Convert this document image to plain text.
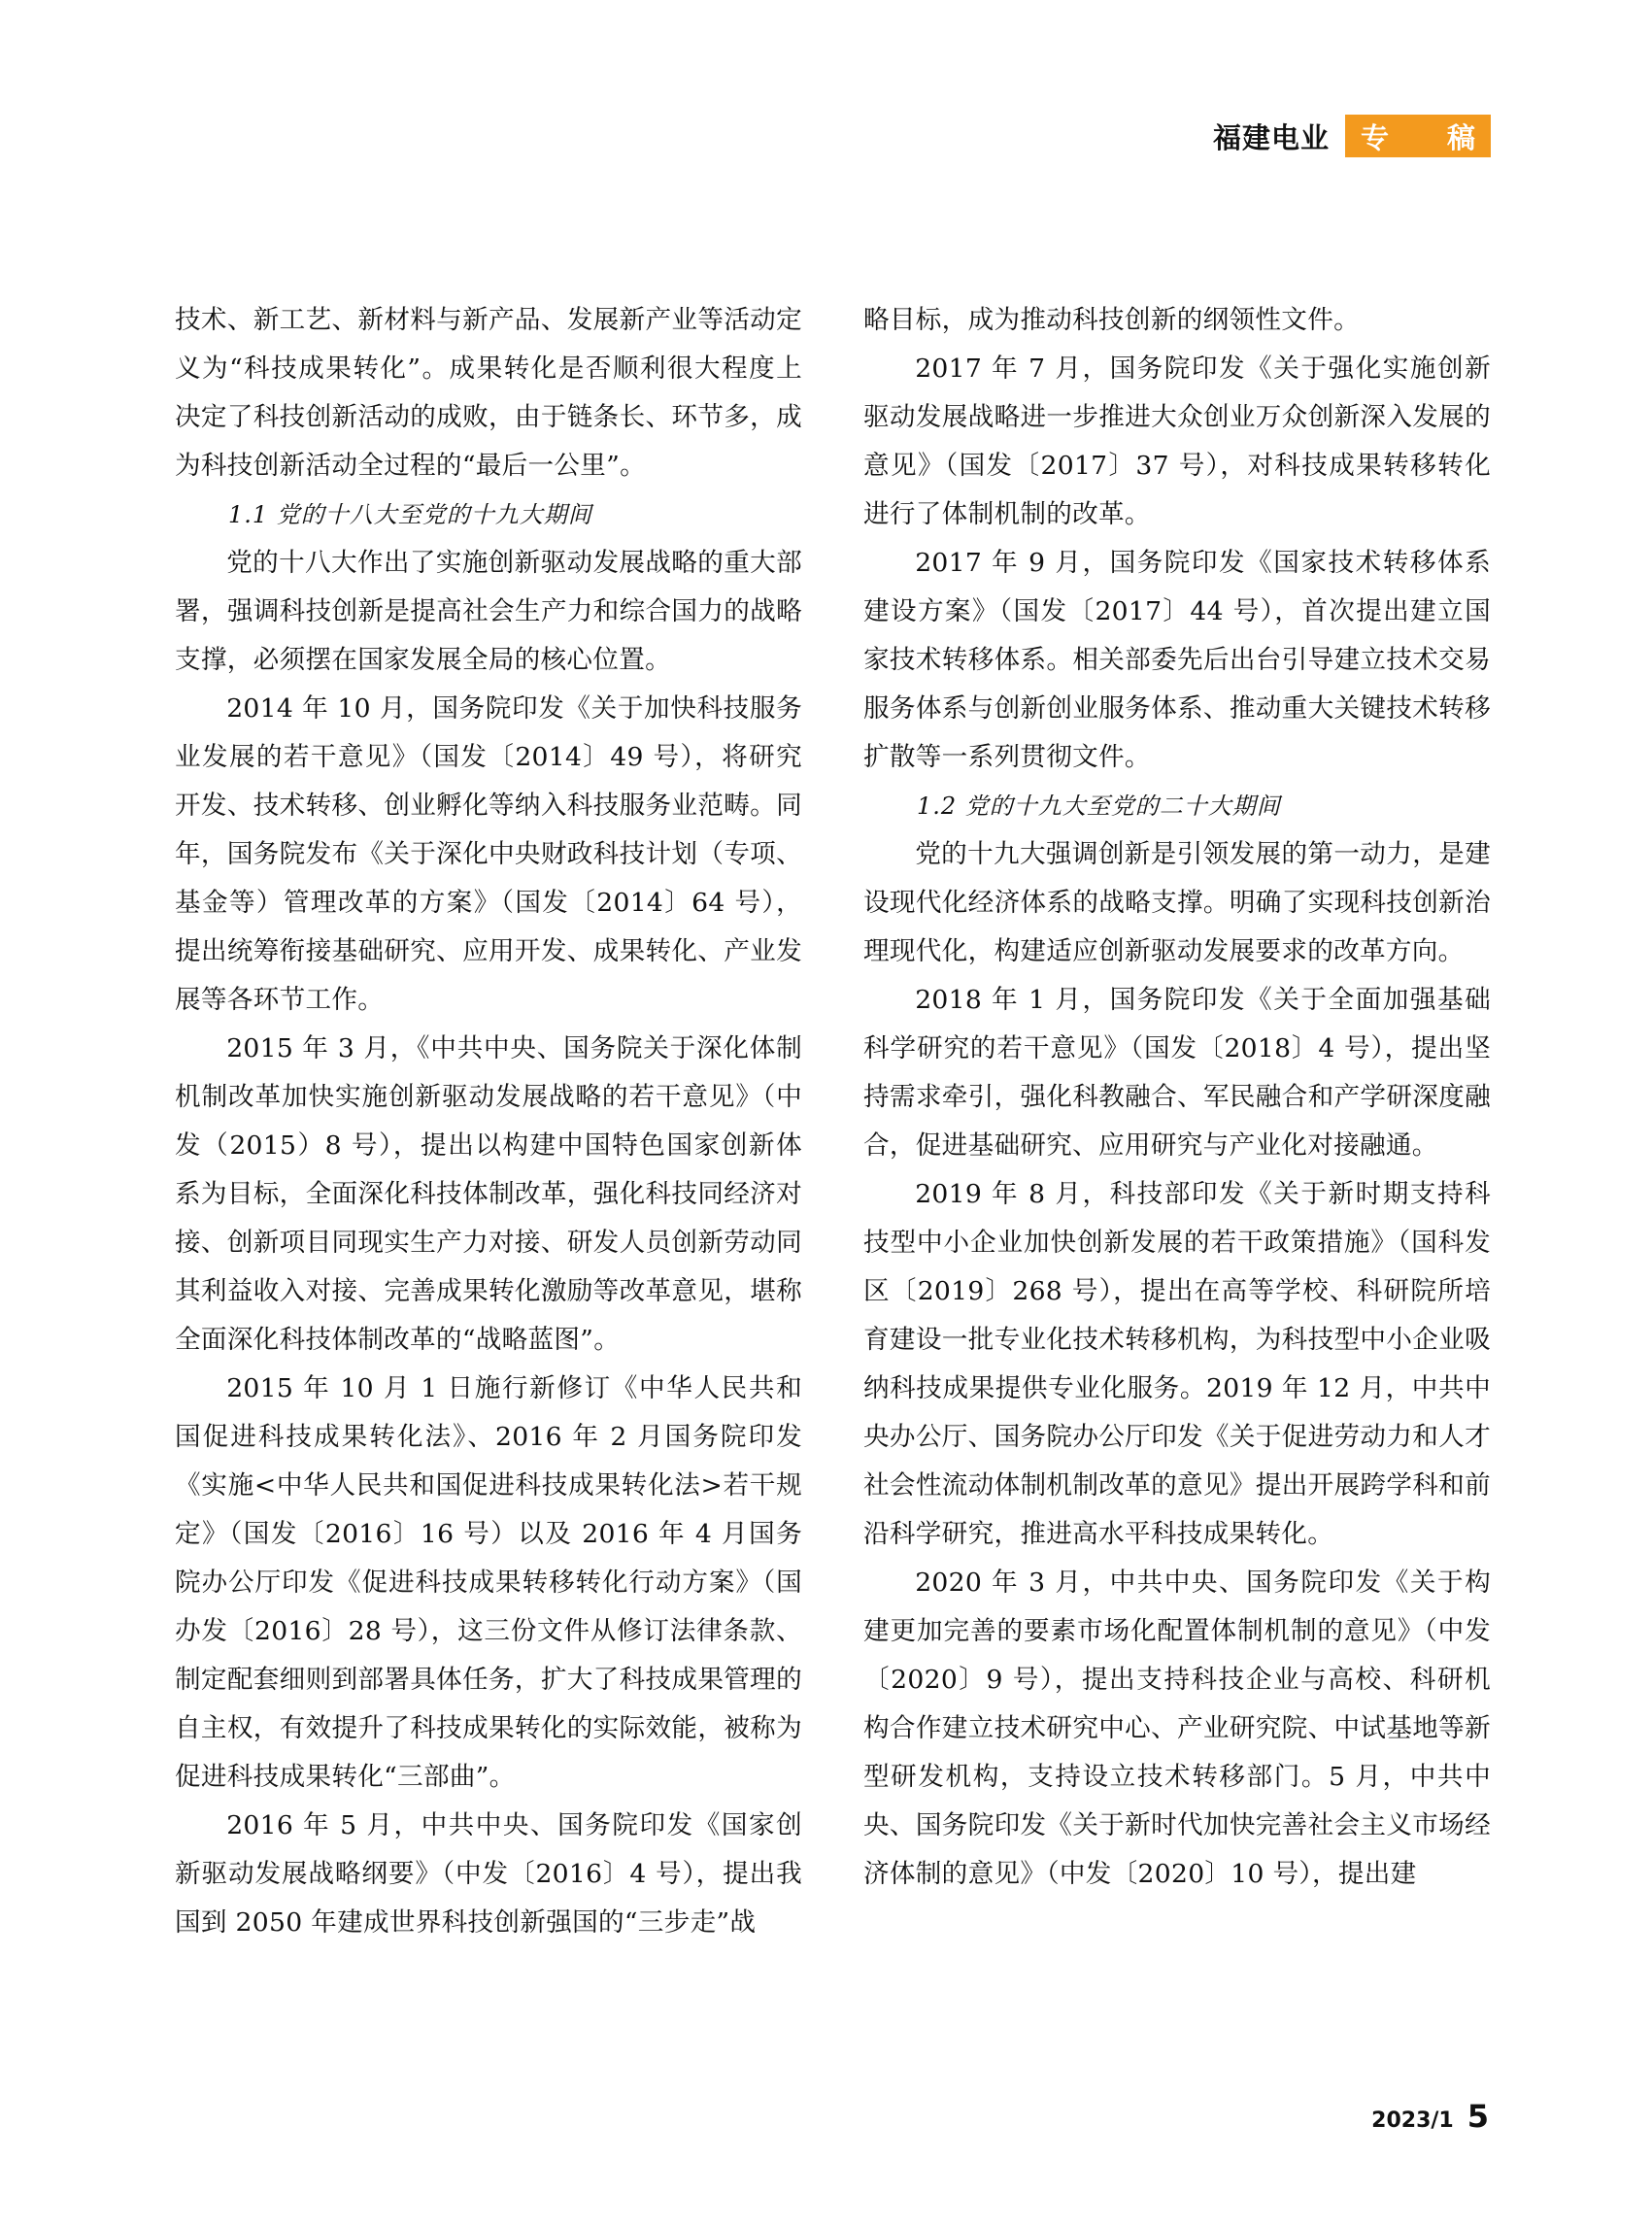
福建电业 专 稿

技术、新工艺、新材料与新产品、发展新产业等活动定义为“科技成果转化”。成果转化是否顺利很大程度上决定了科技创新活动的成败，由于链条长、环节多，成为科技创新活动全过程的“最后一公里”。

1.1 党的十八大至党的十九大期间

党的十八大作出了实施创新驱动发展战略的重大部署，强调科技创新是提高社会生产力和综合国力的战略支撑，必须摆在国家发展全局的核心位置。

2014 年 10 月，国务院印发《关于加快科技服务业发展的若干意见》（国发〔2014〕49 号），将研究开发、技术转移、创业孵化等纳入科技服务业范畴。同年，国务院发布《关于深化中央财政科技计划（专项、基金等）管理改革的方案》（国发〔2014〕64 号），提出统筹衔接基础研究、应用开发、成果转化、产业发展等各环节工作。

2015 年 3 月，《中共中央、国务院关于深化体制机制改革加快实施创新驱动发展战略的若干意见》（中发（2015）8 号），提出以构建中国特色国家创新体系为目标，全面深化科技体制改革，强化科技同经济对接、创新项目同现实生产力对接、研发人员创新劳动同其利益收入对接、完善成果转化激励等改革意见，堪称全面深化科技体制改革的“战略蓝图”。

2015 年 10 月 1 日施行新修订《中华人民共和国促进科技成果转化法》、2016 年 2 月国务院印发《实施<中华人民共和国促进科技成果转化法>若干规定》（国发〔2016〕16 号）以及 2016 年 4 月国务院办公厅印发《促进科技成果转移转化行动方案》（国办发〔2016〕28 号），这三份文件从修订法律条款、制定配套细则到部署具体任务，扩大了科技成果管理的自主权，有效提升了科技成果转化的实际效能，被称为促进科技成果转化“三部曲”。

2016 年 5 月，中共中央、国务院印发《国家创新驱动发展战略纲要》（中发〔2016〕4 号），提出我国到 2050 年建成世界科技创新强国的“三步走”战

略目标，成为推动科技创新的纲领性文件。

2017 年 7 月，国务院印发《关于强化实施创新驱动发展战略进一步推进大众创业万众创新深入发展的意见》（国发〔2017〕37 号），对科技成果转移转化进行了体制机制的改革。

2017 年 9 月，国务院印发《国家技术转移体系建设方案》（国发〔2017〕44 号），首次提出建立国家技术转移体系。相关部委先后出台引导建立技术交易服务体系与创新创业服务体系、推动重大关键技术转移扩散等一系列贯彻文件。

1.2 党的十九大至党的二十大期间

党的十九大强调创新是引领发展的第一动力，是建设现代化经济体系的战略支撑。明确了实现科技创新治理现代化，构建适应创新驱动发展要求的改革方向。

2018 年 1 月，国务院印发《关于全面加强基础科学研究的若干意见》（国发〔2018〕4 号），提出坚持需求牵引，强化科教融合、军民融合和产学研深度融合，促进基础研究、应用研究与产业化对接融通。

2019 年 8 月，科技部印发《关于新时期支持科技型中小企业加快创新发展的若干政策措施》（国科发区〔2019〕268 号），提出在高等学校、科研院所培育建设一批专业化技术转移机构，为科技型中小企业吸纳科技成果提供专业化服务。2019 年 12 月，中共中央办公厅、国务院办公厅印发《关于促进劳动力和人才社会性流动体制机制改革的意见》提出开展跨学科和前沿科学研究，推进高水平科技成果转化。

2020 年 3 月，中共中央、国务院印发《关于构建更加完善的要素市场化配置体制机制的意见》（中发〔2020〕9 号），提出支持科技企业与高校、科研机构合作建立技术研究中心、产业研究院、中试基地等新型研发机构，支持设立技术转移部门。5 月，中共中央、国务院印发《关于新时代加快完善社会主义市场经济体制的意见》（中发〔2020〕10 号），提出建

2023/1 5
